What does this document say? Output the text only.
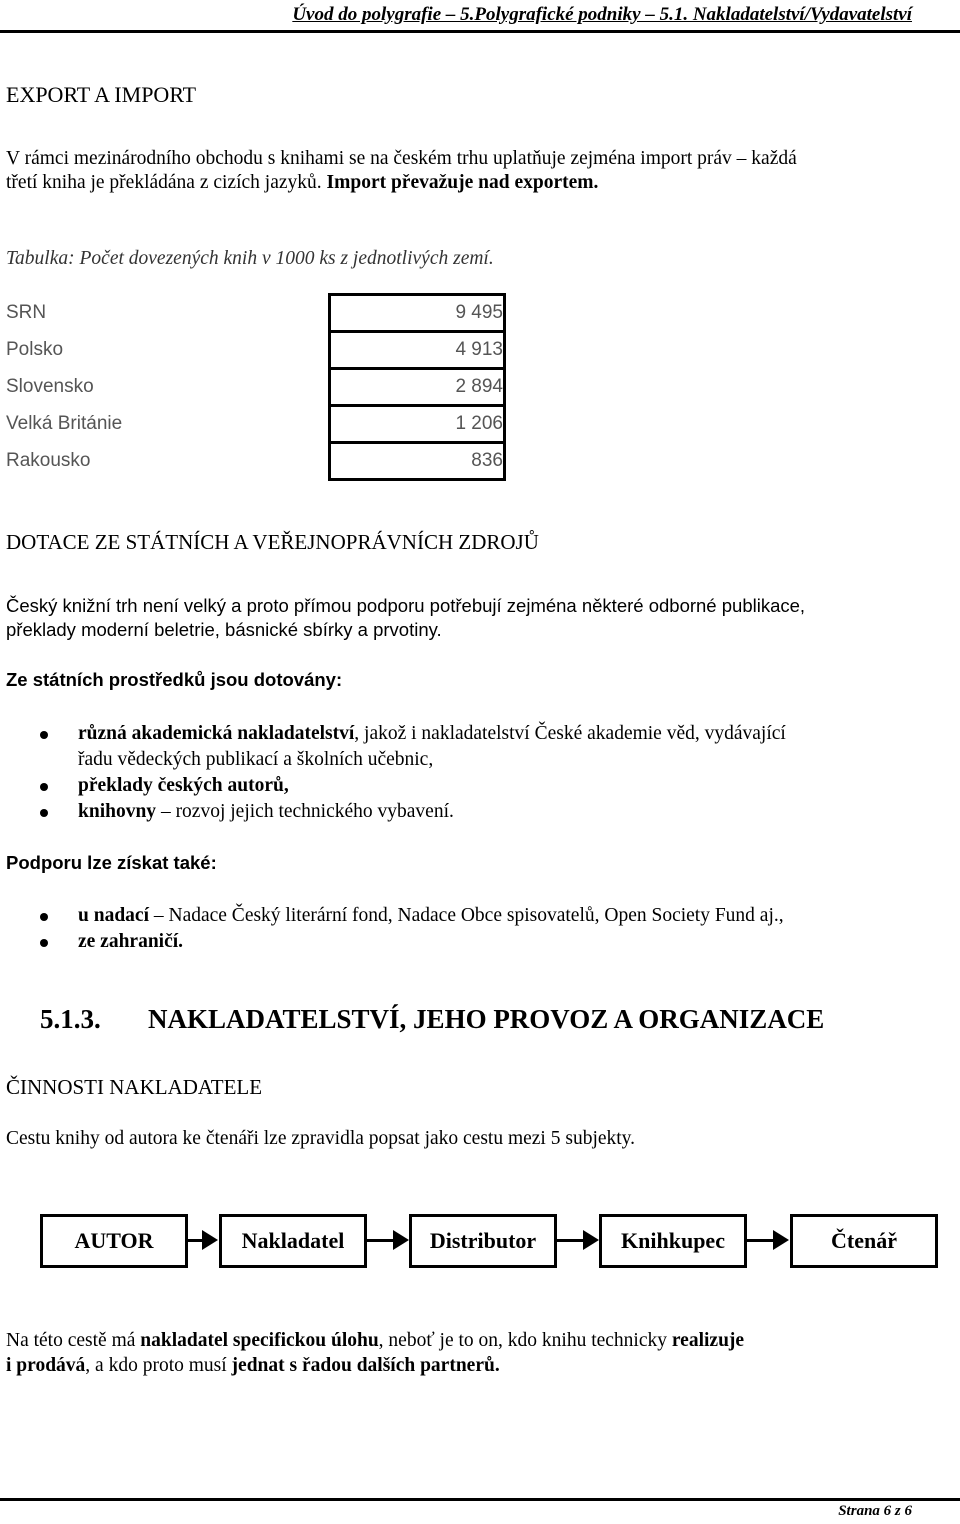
Úvod do polygrafie – 5.Polygrafické podniky – 5.1. Nakladatelství/Vydavatelství
EXPORT A IMPORT
V rámci mezinárodního obchodu s knihami se na českém trhu uplatňuje zejména import práv – každá
třetí kniha je překládána z cizích jazyků. Import převažuje nad exportem.
Tabulka: Počet dovezených knih v 1000 ks z jednotlivých zemí.
SRN	9 495
Polsko	4 913
Slovensko	2 894
Velká Británie	1 206
Rakousko	836
DOTACE ZE STÁTNÍCH A VEŘEJNOPRÁVNÍCH ZDROJŮ
Český knižní trh není velký a proto přímou podporu potřebují zejména některé odborné publikace,
překlady moderní beletrie, básnické sbírky a prvotiny.
Ze státních prostředků jsou dotovány:
různá akademická nakladatelství, jakož i nakladatelství České akademie věd, vydávající
řadu vědeckých publikací a školních učebnic,
překlady českých autorů,
knihovny – rozvoj jejich technického vybavení.
Podporu lze získat také:
u nadací – Nadace Český literární fond, Nadace Obce spisovatelů, Open Society Fund aj.,
ze zahraničí.
5.1.3. NAKLADATELSTVÍ, JEHO PROVOZ A ORGANIZACE
ČINNOSTI NAKLADATELE
Cestu knihy od autora ke čtenáři lze zpravidla popsat jako cestu mezi 5 subjekty.
AUTOR	Nakladatel	Distributor	Knihkupec	Čtenář
Na této cestě má nakladatel specifickou úlohu, neboť je to on, kdo knihu technicky realizuje
i prodává, a kdo proto musí jednat s řadou dalších partnerů.
Strana 6 z 6
